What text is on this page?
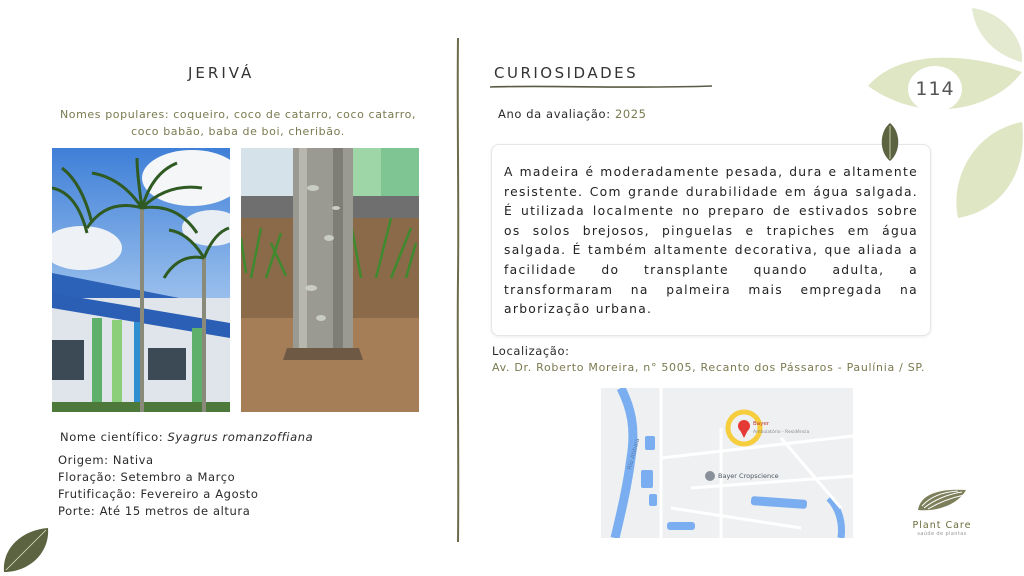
JERIVÁ
Nomes populares: coqueiro, coco de catarro, coco catarro, coco babão, baba de boi, cheribão.
Nome científico: Syagrus romanzoffiana
Origem: Nativa
Floração: Setembro a Março
Frutificação: Fevereiro a Agosto
Porte: Até 15 metros de altura
CURIOSIDADES
Ano da avaliação: 2025

A madeira é moderadamente pesada, dura e altamente resistente. Com grande durabilidade em água salgada. É utilizada localmente no preparo de estivados sobre os solos brejosos, pinguelas e trapiches em água salgada. É também altamente decorativa, que aliada a facilidade do transplante quando adulta, a transformaram na palmeira mais empregada na arborização urbana.

Localização:
Av. Dr. Roberto Moreira, n° 5005, Recanto dos Pássaros - Paulínia / SP.
Rio Atibaia
Bayer
Ambulatório - Residência
Bayer Cropscience
114
Plant Care
saúde de plantas
